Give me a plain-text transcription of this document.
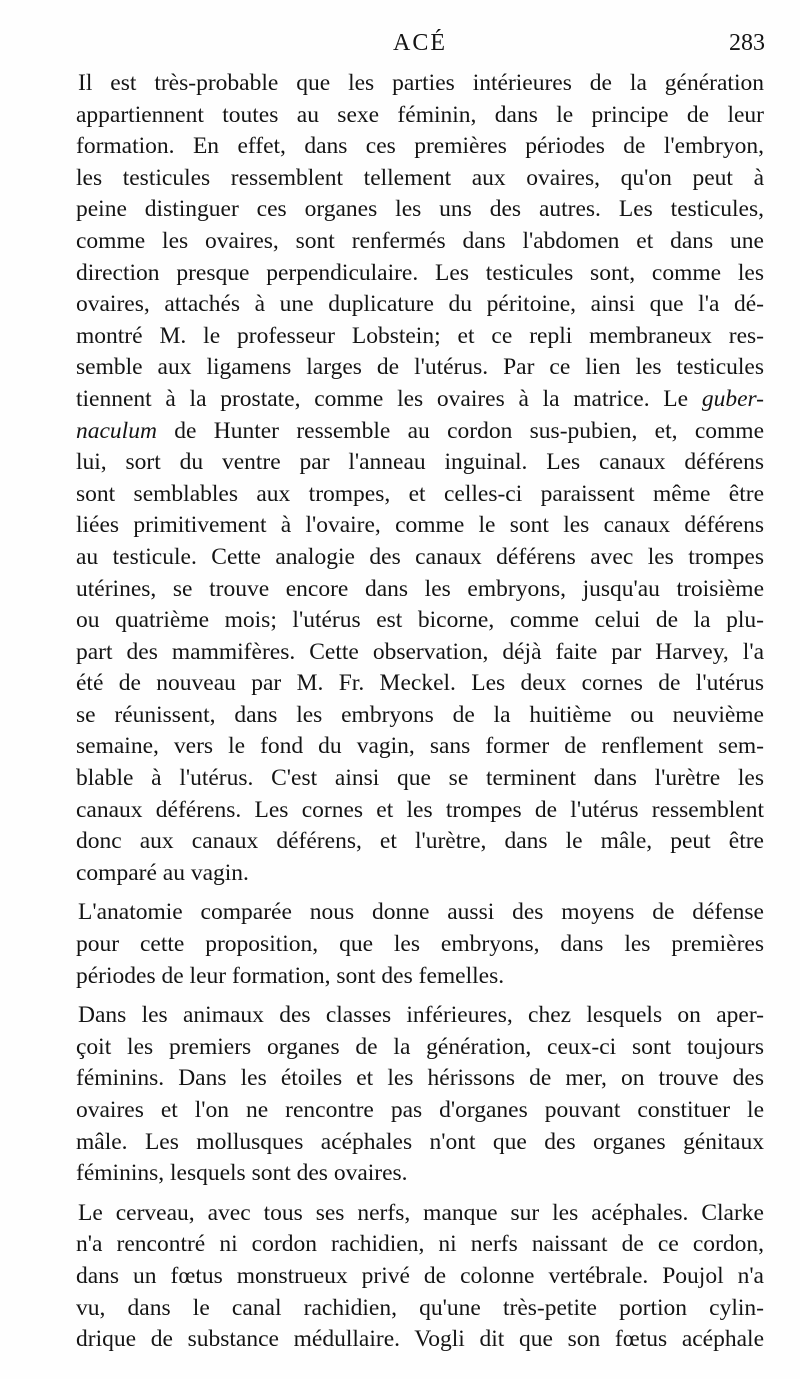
ACÉ	283
Il est très-probable que les parties intérieures de la génération
appartiennent toutes au sexe féminin, dans le principe de leur
formation. En effet, dans ces premières périodes de l'embryon,
les testicules ressemblent tellement aux ovaires, qu'on peut à
peine distinguer ces organes les uns des autres. Les testicules,
comme les ovaires, sont renfermés dans l'abdomen et dans une
direction presque perpendiculaire. Les testicules sont, comme les
ovaires, attachés à une duplicature du péritoine, ainsi que l'a dé-
montré M. le professeur Lobstein; et ce repli membraneux res-
semble aux ligamens larges de l'utérus. Par ce lien les testicules
tiennent à la prostate, comme les ovaires à la matrice. Le guber-
naculum de Hunter ressemble au cordon sus-pubien, et, comme
lui, sort du ventre par l'anneau inguinal. Les canaux déférens
sont semblables aux trompes, et celles-ci paraissent même être
liées primitivement à l'ovaire, comme le sont les canaux déférens
au testicule. Cette analogie des canaux déférens avec les trompes
utérines, se trouve encore dans les embryons, jusqu'au troisième
ou quatrième mois; l'utérus est bicorne, comme celui de la plu-
part des mammifères. Cette observation, déjà faite par Harvey, l'a
été de nouveau par M. Fr. Meckel. Les deux cornes de l'utérus
se réunissent, dans les embryons de la huitième ou neuvième
semaine, vers le fond du vagin, sans former de renflement sem-
blable à l'utérus. C'est ainsi que se terminent dans l'urètre les
canaux déférens. Les cornes et les trompes de l'utérus ressemblent
donc aux canaux déférens, et l'urètre, dans le mâle, peut être
comparé au vagin.
L'anatomie comparée nous donne aussi des moyens de défense
pour cette proposition, que les embryons, dans les premières
périodes de leur formation, sont des femelles.
Dans les animaux des classes inférieures, chez lesquels on aper-
çoit les premiers organes de la génération, ceux-ci sont toujours
féminins. Dans les étoiles et les hérissons de mer, on trouve des
ovaires et l'on ne rencontre pas d'organes pouvant constituer le
mâle. Les mollusques acéphales n'ont que des organes génitaux
féminins, lesquels sont des ovaires.
Le cerveau, avec tous ses nerfs, manque sur les acéphales. Clarke
n'a rencontré ni cordon rachidien, ni nerfs naissant de ce cordon,
dans un fœtus monstrueux privé de colonne vertébrale. Poujol n'a
vu, dans le canal rachidien, qu'une très-petite portion cylin-
drique de substance médullaire. Vogli dit que son fœtus acéphale
